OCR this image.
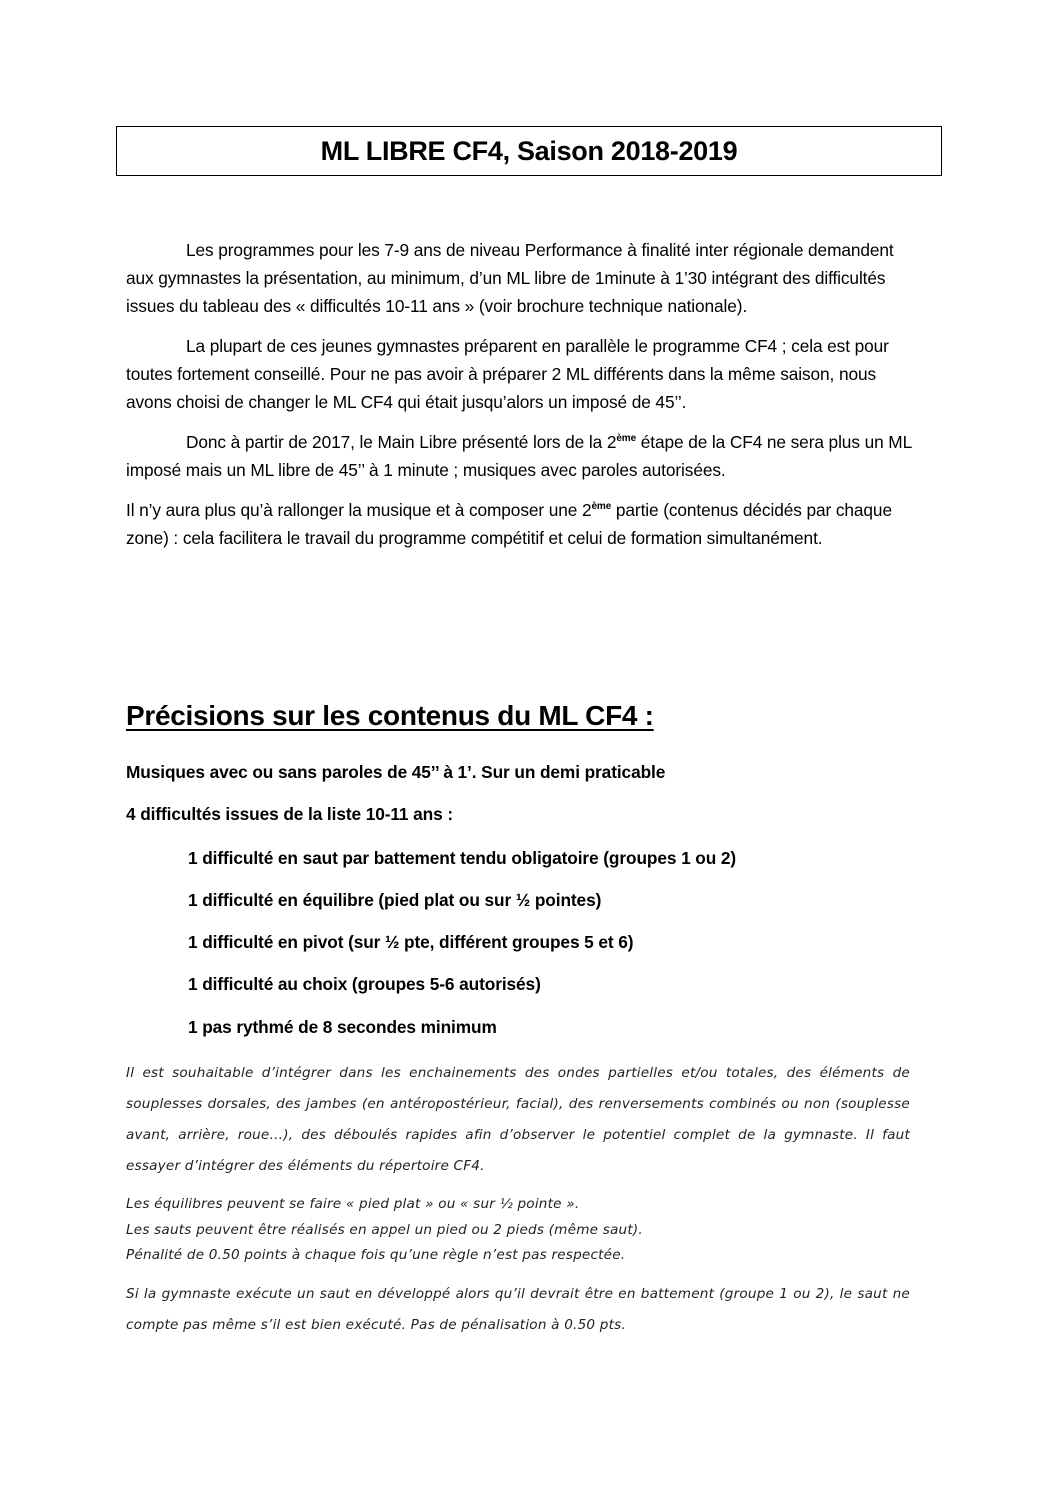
ML LIBRE CF4, Saison 2018-2019

Les programmes pour les 7-9 ans de niveau Performance à finalité inter régionale demandent aux gymnastes la présentation, au minimum, d’un ML libre de 1minute à 1’30 intégrant des difficultés issues du tableau des « difficultés 10-11 ans » (voir brochure technique nationale).

La plupart de ces jeunes gymnastes préparent en parallèle le programme CF4 ; cela est pour toutes fortement conseillé. Pour ne pas avoir à préparer 2 ML différents dans la même saison, nous avons choisi de changer le ML CF4 qui était jusqu’alors un imposé de 45’’.

Donc à partir de 2017, le Main Libre présenté lors de la 2ème étape de la CF4 ne sera plus un ML imposé mais un ML libre de 45’’ à 1 minute ; musiques avec paroles autorisées.

Il n’y aura plus qu’à rallonger la musique et à composer une 2ème partie (contenus décidés par chaque zone) : cela facilitera le travail du programme compétitif et celui de formation simultanément.

Précisions sur les contenus du ML CF4 :
Musiques avec ou sans paroles de 45’’ à 1’. Sur un demi praticable
4 difficultés issues de la liste 10-11 ans :
1 difficulté en saut par battement tendu obligatoire (groupes 1 ou 2)
1 difficulté en équilibre (pied plat ou sur ½ pointes)
1 difficulté en pivot (sur ½ pte, différent groupes 5 et 6)
1 difficulté au choix (groupes 5-6 autorisés)
1 pas rythmé de 8 secondes minimum

Il est souhaitable d’intégrer dans les enchainements des ondes partielles et/ou totales, des éléments de souplesses dorsales, des jambes (en antéropostérieur, facial), des renversements combinés ou non (souplesse avant, arrière, roue…), des déboulés rapides afin d’observer le potentiel complet de la gymnaste. Il faut essayer d’intégrer des éléments du répertoire CF4.

Les équilibres peuvent se faire « pied plat » ou « sur ½ pointe ».

Les sauts peuvent être réalisés en appel un pied ou 2 pieds (même saut).

Pénalité de 0.50 points à chaque fois qu’une règle n’est pas respectée.

Si la gymnaste exécute un saut en développé alors qu’il devrait être en battement (groupe 1 ou 2), le saut ne compte pas même s’il est bien exécuté. Pas de pénalisation à 0.50 pts.
